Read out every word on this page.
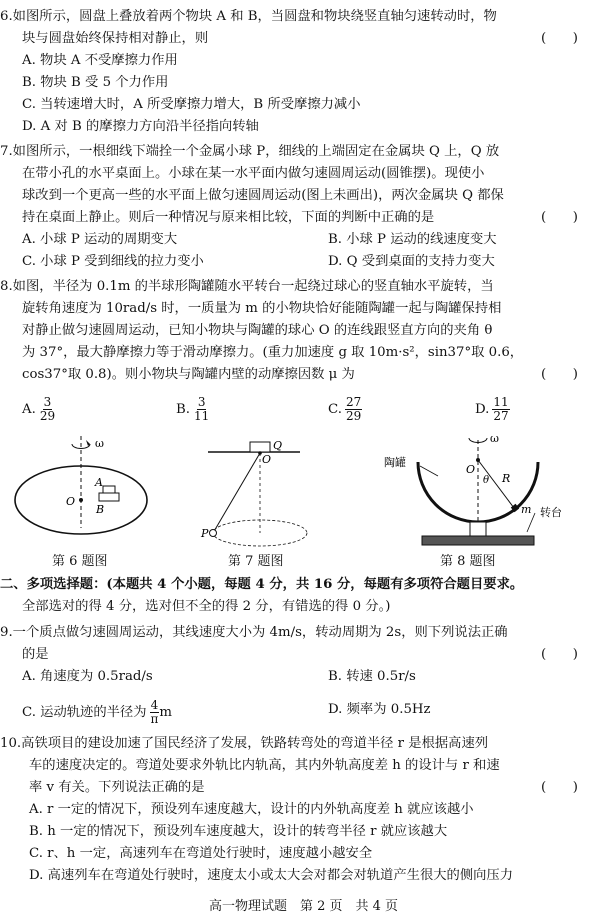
6.如图所示，圆盘上叠放着两个物块 A 和 B，当圆盘和物块绕竖直轴匀速转动时，物
块与圆盘始终保持相对静止，则	(　　)
A. 物块 A 不受摩擦力作用
B. 物块 B 受 5 个力作用
C. 当转速增大时，A 所受摩擦力增大，B 所受摩擦力减小
D. A 对 B 的摩擦力方向沿半径指向转轴
7.如图所示，一根细线下端拴一个金属小球 P，细线的上端固定在金属块 Q 上，Q 放
在带小孔的水平桌面上。小球在某一水平面内做匀速圆周运动(圆锥摆)。现使小
球改到一个更高一些的水平面上做匀速圆周运动(图上未画出)，两次金属块 Q 都保
持在桌面上静止。则后一种情况与原来相比较，下面的判断中正确的是	(　　)
A. 小球 P 运动的周期变大	B. 小球 P 运动的线速度变大
C. 小球 P 受到细线的拉力变小	D. Q 受到桌面的支持力变大
8.如图，半径为 0.1m 的半球形陶罐随水平转台一起绕过球心的竖直轴水平旋转，当
旋转角速度为 10rad/s 时，一质量为 m 的小物块恰好能随陶罐一起与陶罐保持相
对静止做匀速圆周运动，已知小物块与陶罐的球心 O 的连线跟竖直方向的夹角 θ
为 37°，最大静摩擦力等于滑动摩擦力。(重力加速度 g 取 10m·s²，sin37°取 0.6，
cos37°取 0.8)。则小物块与陶罐内壁的动摩擦因数 μ 为	(　　)
A. $\frac{3}{29}$	B. $\frac{3}{11}$	C. $\frac{27}{29}$	D. $\frac{11}{27}$
ω
O
A
B
Q
O
P
ω
O
θ R
m
陶罐
转台
第 6 题图	第 7 题图	第 8 题图
二、多项选择题：(本题共 4 个小题，每题 4 分，共 16 分，每题有多项符合题目要求。
全部选对的得 4 分，选对但不全的得 2 分，有错选的得 0 分。)
9.一个质点做匀速圆周运动，其线速度大小为 4m/s，转动周期为 2s，则下列说法正确
的是	(　　)
A. 角速度为 0.5rad/s	B. 转速 0.5r/s
C. 运动轨迹的半径为 $\frac{4}{\pi}$ m	D. 频率为 0.5Hz
10.高铁项目的建设加速了国民经济了发展，铁路转弯处的弯道半径 r 是根据高速列
车的速度决定的。弯道处要求外轨比内轨高，其内外轨高度差 h 的设计与 r 和速
率 v 有关。下列说法正确的是	(　　)
A. r 一定的情况下，预设列车速度越大，设计的内外轨高度差 h 就应该越小
B. h 一定的情况下，预设列车速度越大，设计的转弯半径 r 就应该越大
C. r、h 一定，高速列车在弯道处行驶时，速度越小越安全
D. 高速列车在弯道处行驶时，速度太小或太大会对都会对轨道产生很大的侧向压力
高一物理试题　第 2 页　共 4 页
